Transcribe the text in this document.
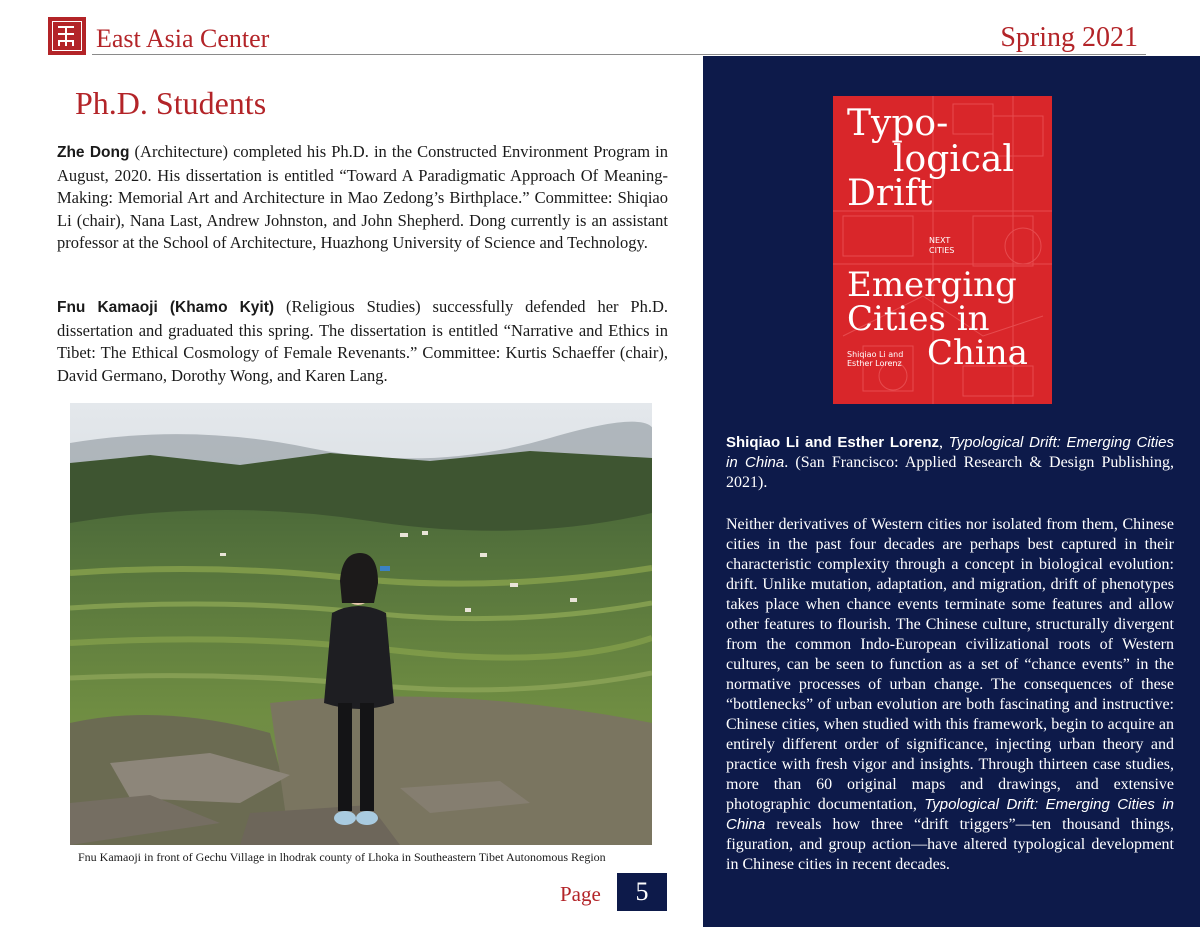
East Asia Center	Spring 2021
Ph.D. Students
Zhe Dong (Architecture) completed his Ph.D. in the Constructed Environment Program in August, 2020. His dissertation is entitled “Toward A Paradigmatic Approach Of Meaning-Making: Memorial Art and Architecture in Mao Zedong’s Birthplace.” Committee: Shiqiao Li (chair), Nana Last, Andrew Johnston, and John Shepherd. Dong currently is an assistant professor at the School of Architecture, Huazhong University of Science and Technology.
Fnu Kamaoji (Khamo Kyit) (Religious Studies) successfully defended her Ph.D. dissertation and graduated this spring. The dissertation is entitled “Narrative and Ethics in Tibet: The Ethical Cosmology of Female Revenants.” Committee: Kurtis Schaeffer (chair), David Germano, Dorothy Wong, and Karen Lang.
Fnu Kamaoji in front of Gechu Village in lhodrak county of Lhoka in Southeastern Tibet Autonomous Region
Page	5
Typo-
logical
Drift
NEXT
CITIES
Emerging
Cities in
China
Shiqiao Li and
Esther Lorenz
Shiqiao Li and Esther Lorenz, Typological Drift: Emerging Cities in China. (San Francisco: Applied Research & Design Publishing, 2021).
Neither derivatives of Western cities nor isolated from them, Chinese cities in the past four decades are perhaps best captured in their characteristic complexity through a concept in biological evolution: drift. Unlike mutation, adaptation, and migration, drift of phenotypes takes place when chance events terminate some features and allow other features to flourish. The Chinese culture, structurally divergent from the common Indo-European civilizational roots of Western cultures, can be seen to function as a set of “chance events” in the normative processes of urban change. The consequences of these “bottlenecks” of urban evolution are both fascinating and instructive: Chinese cities, when studied with this framework, begin to acquire an entirely different order of significance, injecting urban theory and practice with fresh vigor and insights. Through thirteen case studies, more than 60 original maps and drawings, and extensive photographic documentation, Typological Drift: Emerging Cities in China reveals how three “drift triggers”—ten thousand things, figuration, and group action—have altered typological development in Chinese cities in recent decades.
